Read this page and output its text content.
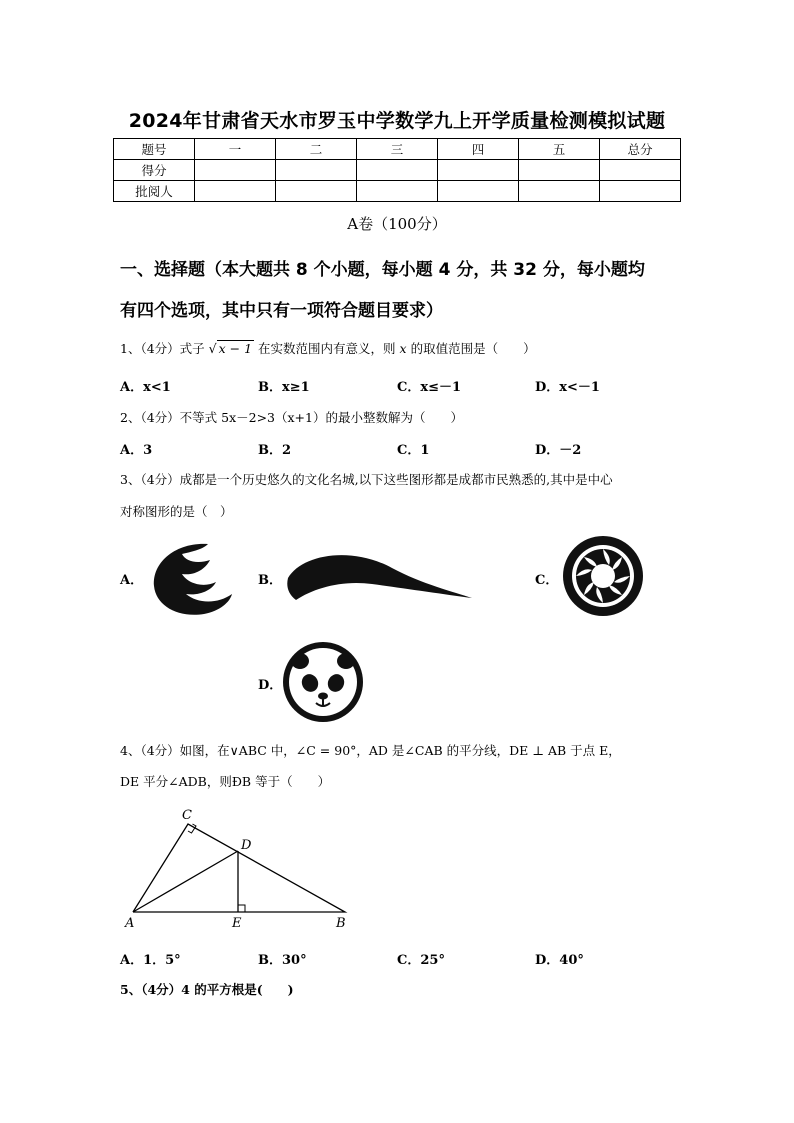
2024年甘肃省天水市罗玉中学数学九上开学质量检测模拟试题
题号	一	二	三	四	五	总分
得分						
批阅人						
A卷（100分）
一、选择题（本大题共 8 个小题，每小题 4 分，共 32 分，每小题均
有四个选项，其中只有一项符合题目要求）
1、（4分）式子 √ x − 1 在实数范围内有意义，则 x 的取值范围是（　　）
A．x<1	B．x≥1	C．x≤－1	D．x<－1
2、（4分）不等式 5x－2>3（x+1）的最小整数解为（　　）
A．3	B．2	C．1	D．－2
3、（4分）成都是一个历史悠久的文化名城,以下这些图形都是成都市民熟悉的,其中是中心
对称图形的是（　）
A．	B．	C．
D．
4、（4分）如图，在∨ABC 中，∠C = 90°，AD 是∠CAB 的平分线，DE ⊥ AB 于点 E，
DE 平分∠ADB，则ÐB 等于（　　）
C
D
A	E	B
A．1．5°	B．30°	C．25°	D．40°
5、（4分）4 的平方根是(　　)
